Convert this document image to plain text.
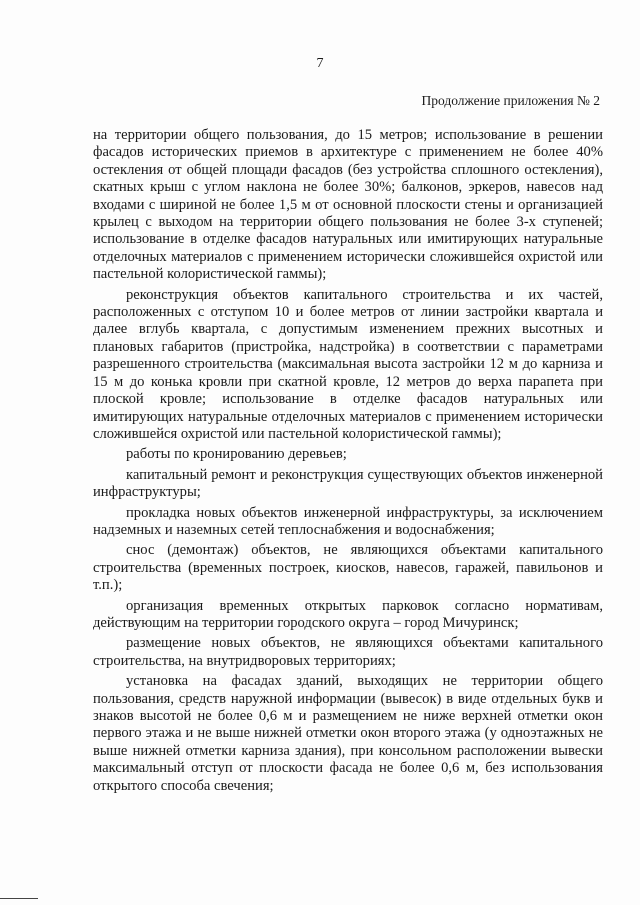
7
Продолжение приложения № 2

на территории общего пользования, до 15 метров; использование в решении фасадов исторических приемов в архитектуре с применением не более 40% остекления от общей площади фасадов (без устройства сплошного остекления), скатных крыш с углом наклона не более 30%; балконов, эркеров, навесов над входами с шириной не более 1,5 м от основной плоскости стены и организацией крылец с выходом на территории общего пользования не более 3-х ступеней; использование в отделке фасадов натуральных или имитирующих натуральные отделочных материалов с применением исторически сложившейся охристой или пастельной колористической гаммы);

реконструкция объектов капитального строительства и их частей, расположенных с отступом 10 и более метров от линии застройки квартала и далее вглубь квартала, с допустимым изменением прежних высотных и плановых габаритов (пристройка, надстройка) в соответствии с параметрами разрешенного строительства (максимальная высота застройки 12 м до карниза и 15 м до конька кровли при скатной кровле, 12 метров до верха парапета при плоской кровле; использование в отделке фасадов натуральных или имитирующих натуральные отделочных материалов с применением исторически сложившейся охристой или пастельной колористической гаммы);

работы по кронированию деревьев;

капитальный ремонт и реконструкция существующих объектов инженерной инфраструктуры;

прокладка новых объектов инженерной инфраструктуры, за исключением надземных и наземных сетей теплоснабжения и водоснабжения;

снос (демонтаж) объектов, не являющихся объектами капитального строительства (временных построек, киосков, навесов, гаражей, павильонов и т.п.);

организация временных открытых парковок согласно нормативам, действующим на территории городского округа – город Мичуринск;

размещение новых объектов, не являющихся объектами капитального строительства, на внутридворовых территориях;

установка на фасадах зданий, выходящих не территории общего пользования, средств наружной информации (вывесок) в виде отдельных букв и знаков высотой не более 0,6 м и размещением не ниже верхней отметки окон первого этажа и не выше нижней отметки окон второго этажа (у одноэтажных не выше нижней отметки карниза здания), при консольном расположении вывески максимальный отступ от плоскости фасада не более 0,6 м, без использования открытого способа свечения;
